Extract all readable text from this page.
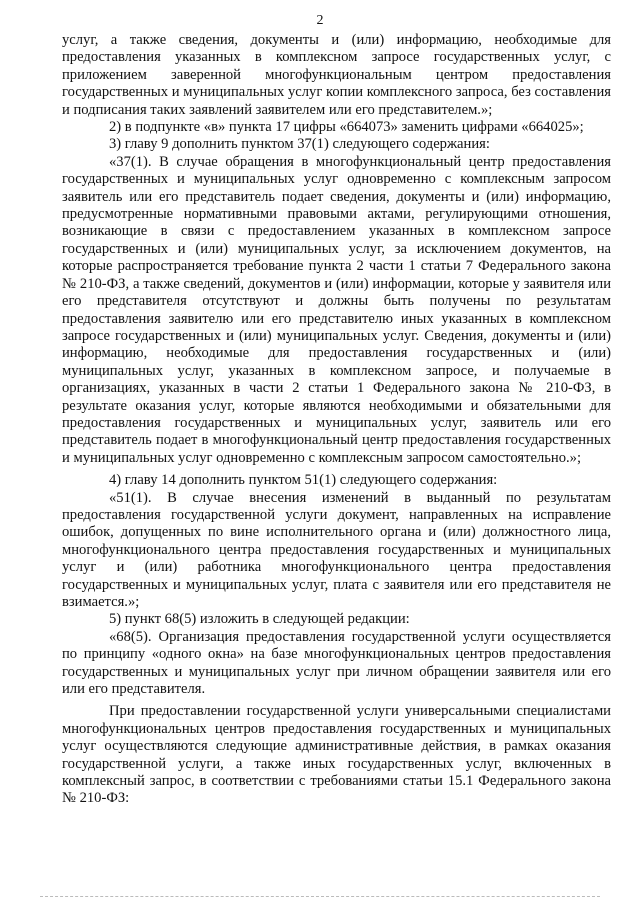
2

услуг, а также сведения, документы и (или) информацию, необходимые для предоставления указанных в комплексном запросе государственных услуг, с приложением заверенной многофункциональным центром предоставления государственных и муниципальных услуг копии комплексного запроса, без составления и подписания таких заявлений заявителем или его представителем.»;

2) в подпункте «в» пункта 17 цифры «664073» заменить цифрами «664025»;

3) главу 9 дополнить пунктом 37(1) следующего содержания:

«37(1). В случае обращения в многофункциональный центр предоставления государственных и муниципальных услуг одновременно с комплексным запросом заявитель или его представитель подает сведения, документы и (или) информацию, предусмотренные нормативными правовыми актами, регулирующими отношения, возникающие в связи с предоставлением указанных в комплексном запросе государственных и (или) муниципальных услуг, за исключением документов, на которые распространяется требование пункта 2 части 1 статьи 7 Федерального закона № 210-ФЗ, а также сведений, документов и (или) информации, которые у заявителя или его представителя отсутствуют и должны быть получены по результатам предоставления заявителю или его представителю иных указанных в комплексном запросе государственных и (или) муниципальных услуг. Сведения, документы и (или) информацию, необходимые для предоставления государственных и (или) муниципальных услуг, указанных в комплексном запросе, и получаемые в организациях, указанных в части 2 статьи 1 Федерального закона № 210-ФЗ, в результате оказания услуг, которые являются необходимыми и обязательными для предоставления государственных и муниципальных услуг, заявитель или его представитель подает в многофункциональный центр предоставления государственных и муниципальных услуг одновременно с комплексным запросом самостоятельно.»;

4) главу 14 дополнить пунктом 51(1) следующего содержания:

«51(1). В случае внесения изменений в выданный по результатам предоставления государственной услуги документ, направленных на исправление ошибок, допущенных по вине исполнительного органа и (или) должностного лица, многофункционального центра предоставления государственных и муниципальных услуг и (или) работника многофункционального центра предоставления государственных и муниципальных услуг, плата с заявителя или его представителя не взимается.»;

5) пункт 68(5) изложить в следующей редакции:

«68(5). Организация предоставления государственной услуги осуществляется по принципу «одного окна» на базе многофункциональных центров предоставления государственных и муниципальных услуг при личном обращении заявителя или его или его представителя.

При предоставлении государственной услуги универсальными специалистами многофункциональных центров предоставления государственных и муниципальных услуг осуществляются следующие административные действия, в рамках оказания государственной услуги, а также иных государственных услуг, включенных в комплексный запрос, в соответствии с требованиями статьи 15.1 Федерального закона № 210-ФЗ:
